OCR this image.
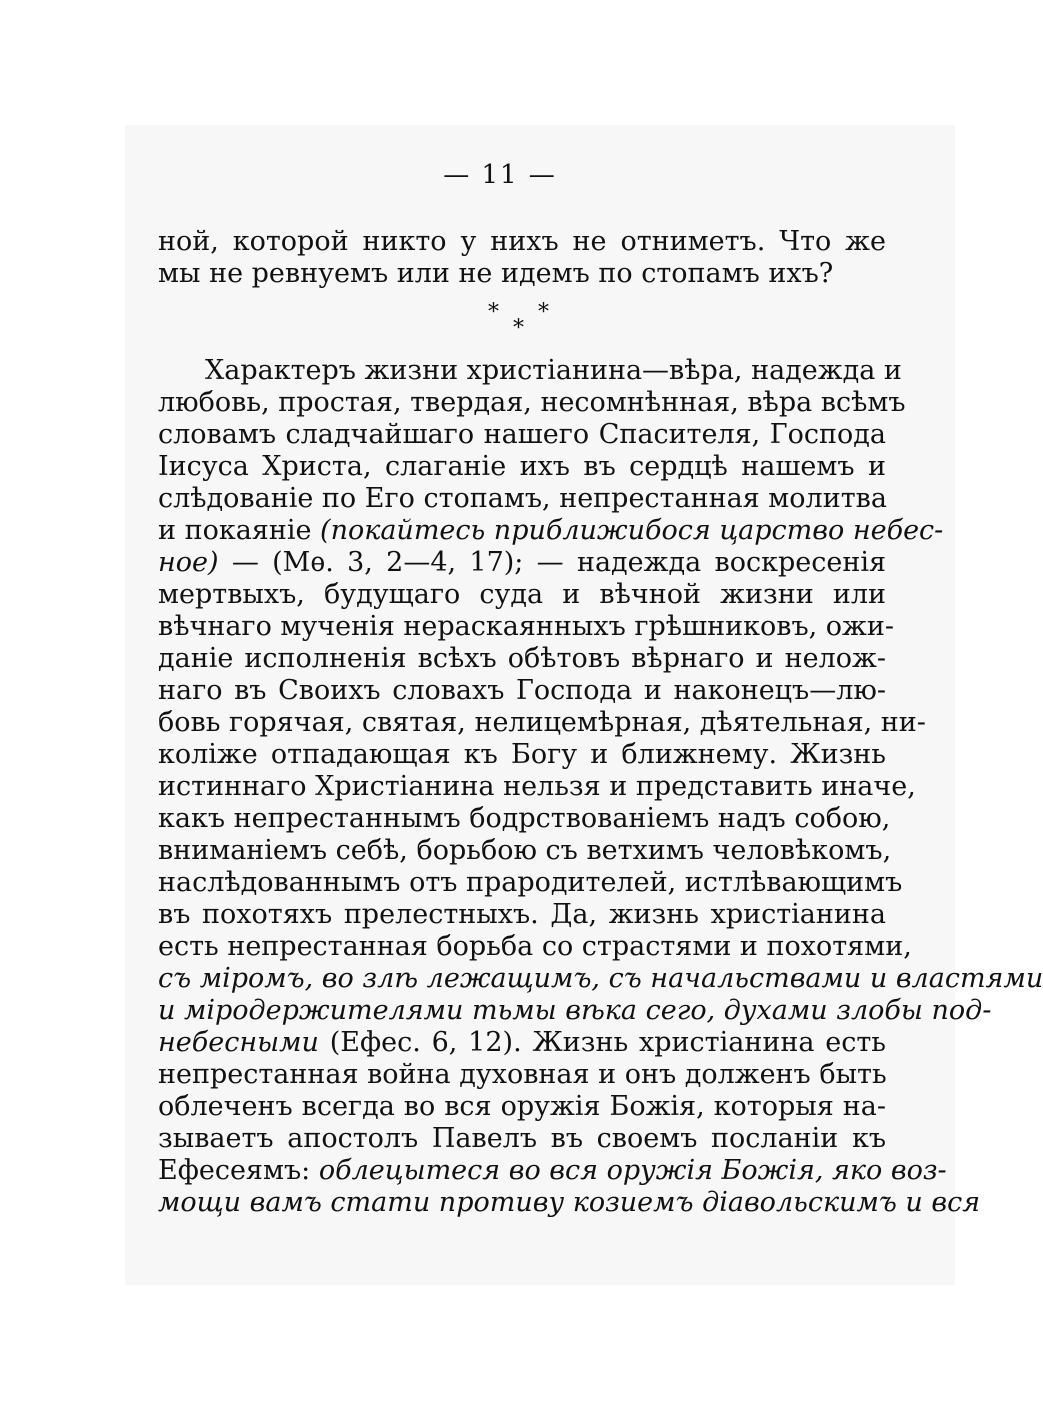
— 11 —
ной, которой никто у нихъ не отниметъ. Что же
мы не ревнуемъ или не идемъ по стопамъ ихъ?
* *
*
Характеръ жизни христіанина—вѣра, надежда и
любовь, простая, твердая, несомнѣнная, вѣра всѣмъ
словамъ сладчайшаго нашего Спасителя, Господа
Іисуса Христа, слаганіе ихъ въ сердцѣ нашемъ и
слѣдованіе по Его стопамъ, непрестанная молитва
и покаяніе (покайтесь приближибося царство небес-
ное) — (Мѳ. 3, 2—4, 17); — надежда воскресенія
мертвыхъ, будущаго суда и вѣчной жизни или
вѣчнаго мученія нераскаянныхъ грѣшниковъ, ожи-
даніе исполненія всѣхъ обѣтовъ вѣрнаго и нелож-
наго въ Своихъ словахъ Господа и наконецъ—лю-
бовь горячая, святая, нелицемѣрная, дѣятельная, ни-
коліже отпадающая къ Богу и ближнему. Жизнь
истиннаго Христіанина нельзя и представить иначе,
какъ непрестаннымъ бодрствованіемъ надъ собою,
вниманіемъ себѣ, борьбою съ ветхимъ человѣкомъ,
наслѣдованнымъ отъ прародителей, истлѣвающимъ
въ похотяхъ прелестныхъ. Да, жизнь христіанина
есть непрестанная борьба со страстями и похотями,
съ міромъ, во злѣ лежащимъ, съ начальствами и властями
и міродержителями тьмы вѣка сего, духами злобы под-
небесными (Ефес. 6, 12). Жизнь христіанина есть
непрестанная война духовная и онъ долженъ быть
облеченъ всегда во вся оружія Божія, которыя на-
зываетъ апостолъ Павелъ въ своемъ посланіи къ
Ефесеямъ: облецытеся во вся оружія Божія, яко воз-
мощи вамъ стати противу козиемъ діавольскимъ и вся
